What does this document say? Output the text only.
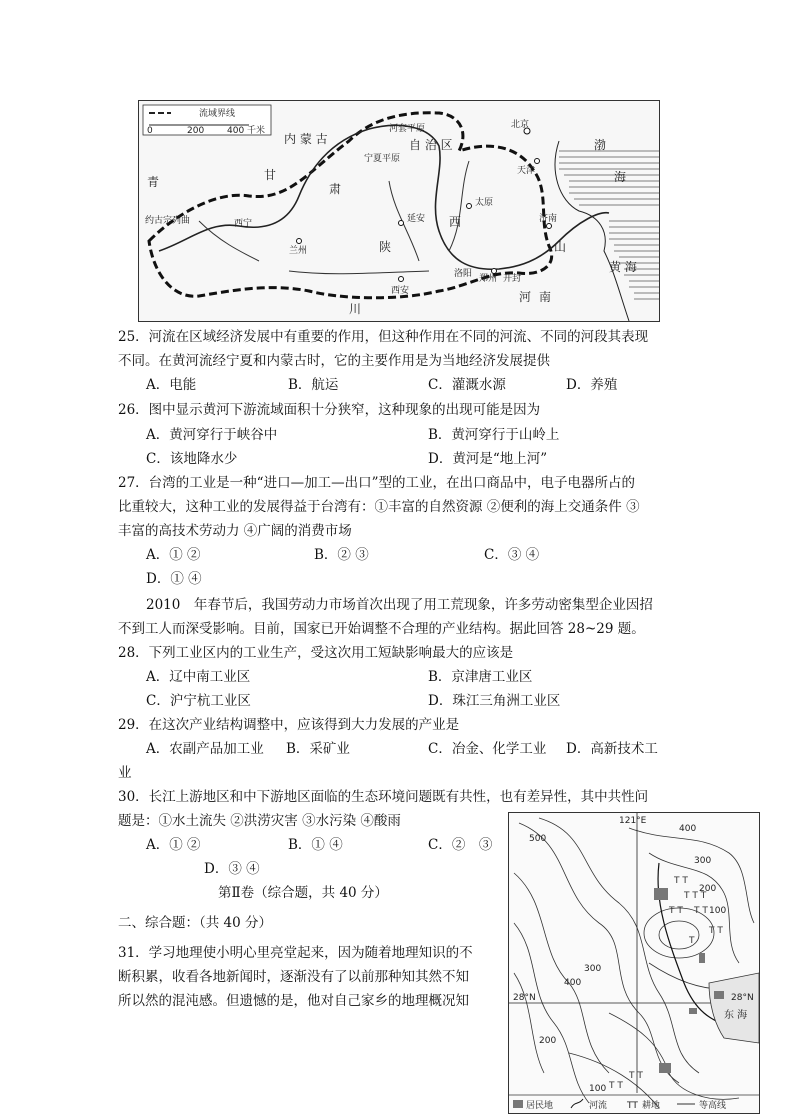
流域界线
0	200	400 千米
内 蒙 古	自 治 区
北京
天津
河套平原
宁夏平原
渤
海
甘
肃
青
陕
西
延安
太原
西安	河 南
川
山
黄 海
郑州 开封
洛阳
济南
兰州
西宁
约古宗列曲
25．河流在区域经济发展中有重要的作用，但这种作用在不同的河流、不同的河段其表现
不同。在黄河流经宁夏和内蒙古时，它的主要作用是为当地经济发展提供
A．电能	B．航运	C．灌溉水源	D．养殖
26．图中显示黄河下游流域面积十分狭窄，这种现象的出现可能是因为
A．黄河穿行于峡谷中	B．黄河穿行于山岭上
C．该地降水少	D．黄河是“地上河”
27．台湾的工业是一种“进口—加工—出口”型的工业，在出口商品中，电子电器所占的
比重较大，这种工业的发展得益于台湾有：①丰富的自然资源 ②便利的海上交通条件 ③
丰富的高技术劳动力 ④广阔的消费市场
A．① ②	B．② ③	C．③ ④
D．① ④
2010　年春节后，我国劳动力市场首次出现了用工荒现象，许多劳动密集型企业因招
不到工人而深受影响。目前，国家已开始调整不合理的产业结构。据此回答 28~29 题。
28．下列工业区内的工业生产，受这次用工短缺影响最大的应该是
A．辽中南工业区	B．京津唐工业区
C．沪宁杭工业区	D．珠江三角洲工业区
29．在这次产业结构调整中，应该得到大力发展的产业是
A．农副产品加工业 B．采矿业	C．冶金、化学工业 D．高新技术工
业
30．长江上游地区和中下游地区面临的生态环境问题既有共性，也有差异性，其中共性问
题是：①水土流失 ②洪涝灾害 ③水污染 ④酸雨
A．① ②	B．① ④	C．②　③
D．③ ④
第Ⅱ卷（综合题，共 40 分）
二、综合题：（共 40 分）
31．学习地理使小明心里亮堂起来，因为随着地理知识的不
断积累，收看各地新闻时，逐渐没有了以前那种知其然不知
所以然的混沌感。但遗憾的是，他对自己家乡的地理概况知
T T
T T T
T T
T T
T T
T T
T
T T
500
400
300
200
100
300
400
200
100
28°N	28°N
121°E
东 海
居民地	河流 TT 耕地	等高线
